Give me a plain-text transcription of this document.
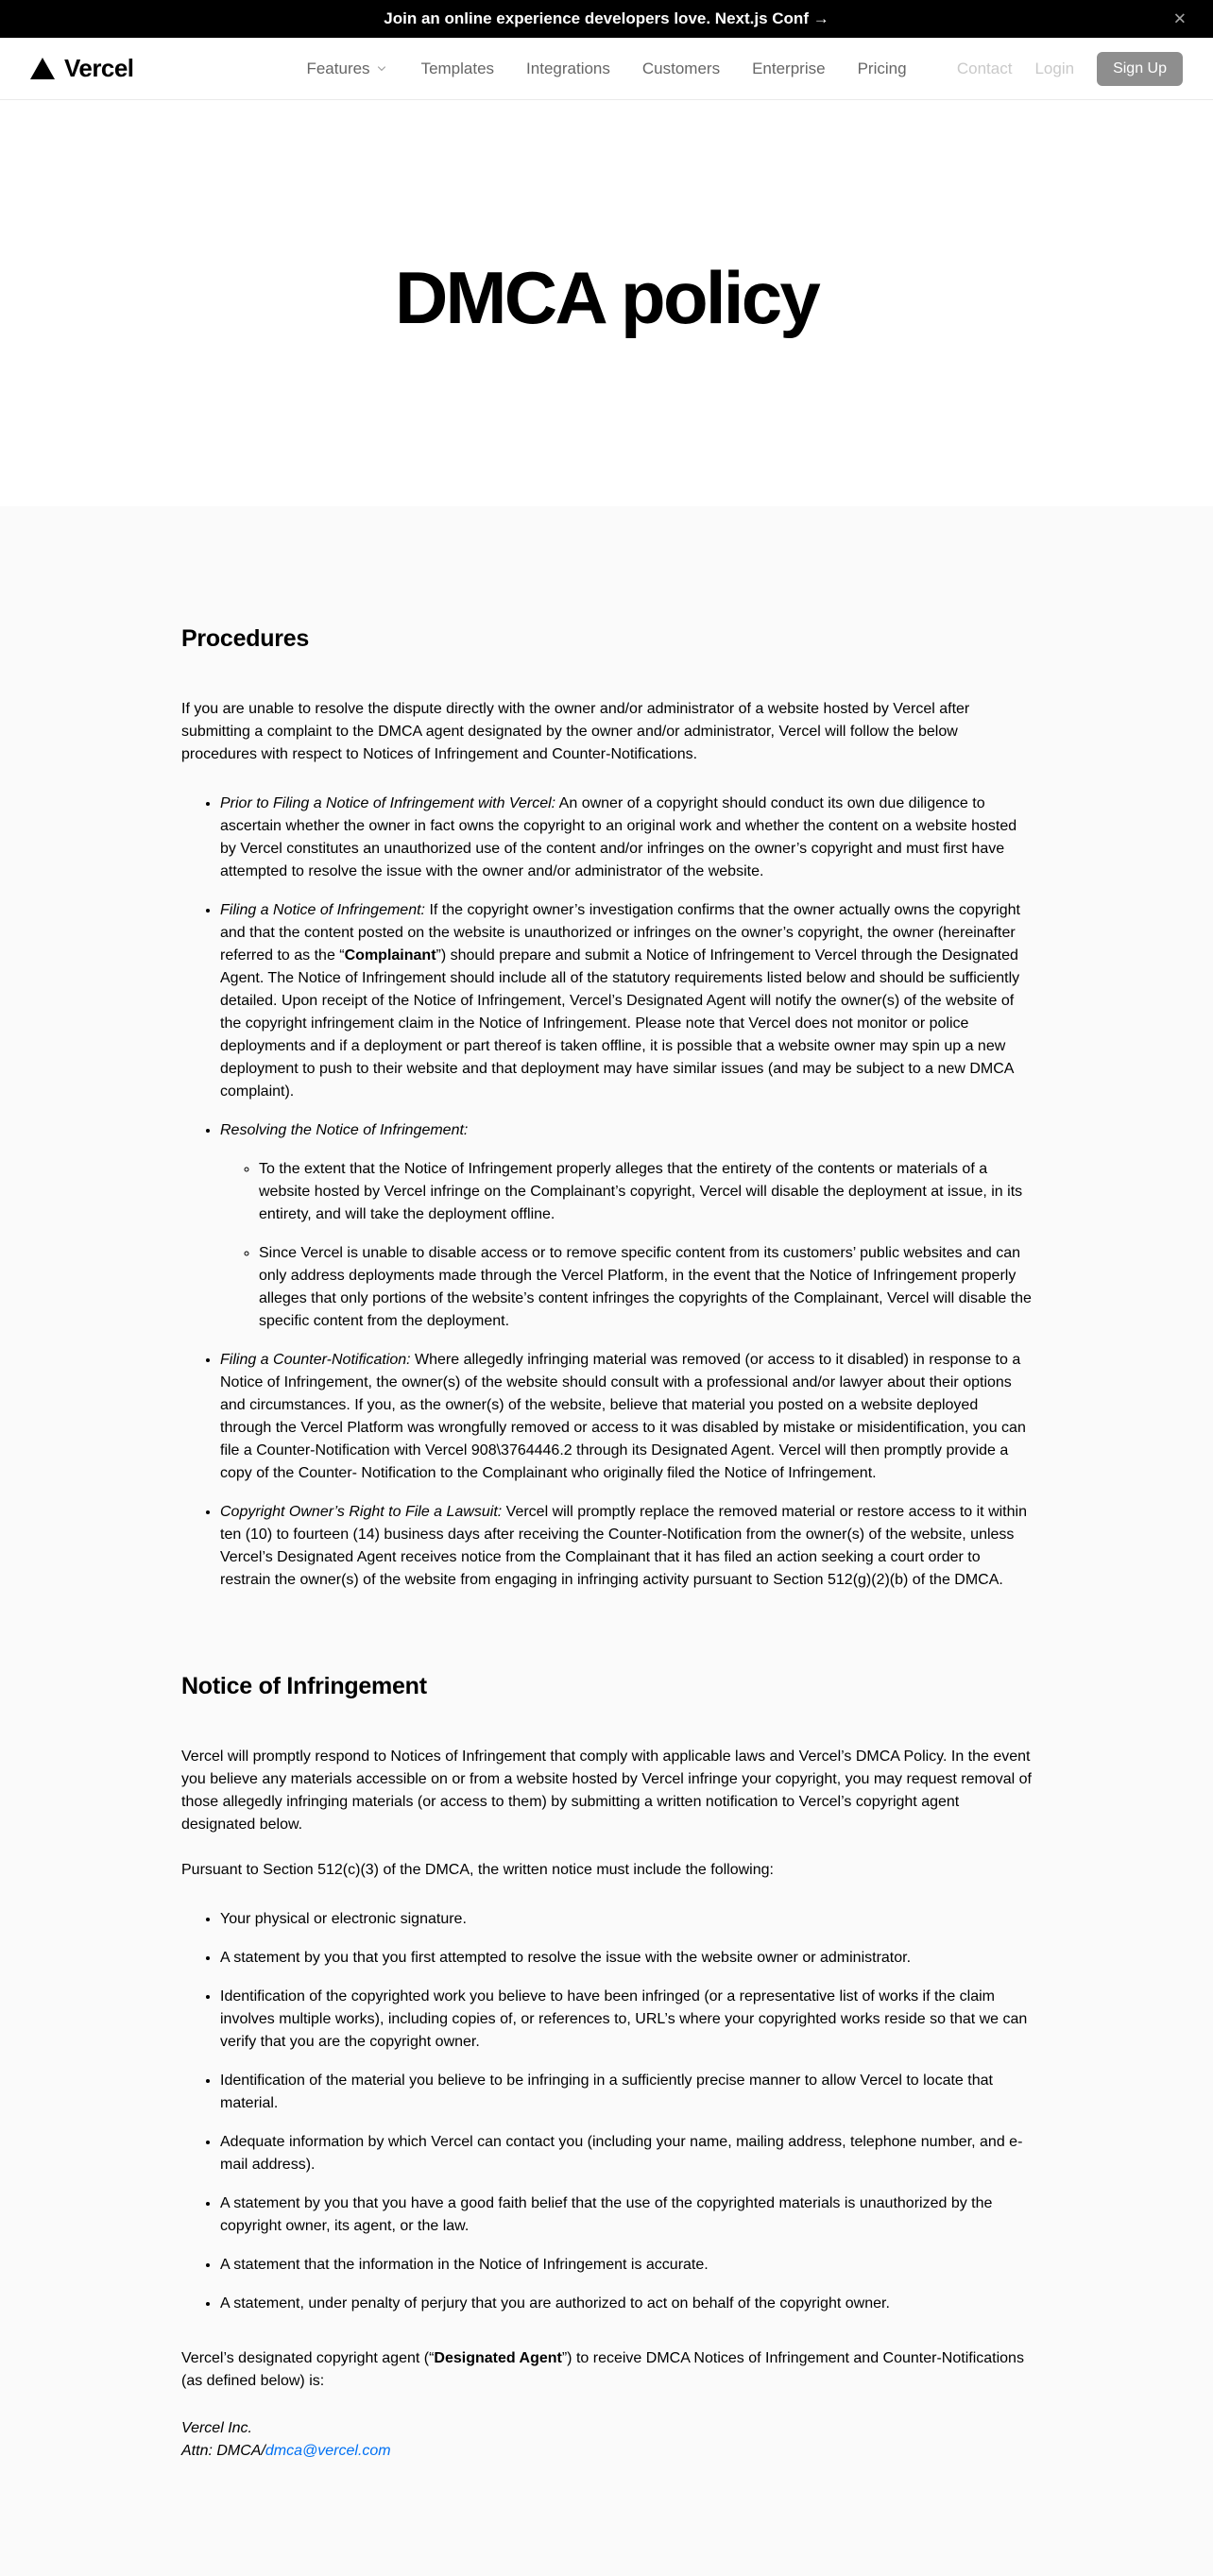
Join an online experience developers love. Next.js Conf →	✕
Vercel	Features	Templates Integrations Customers Enterprise Pricing	Contact Login	Sign Up
DMCA policy
Procedures

If you are unable to resolve the dispute directly with the owner and/or administrator of a website hosted by Vercel after submitting a complaint to the DMCA agent designated by the owner and/or administrator, Vercel will follow the below procedures with respect to Notices of Infringement and Counter-Notifications.

• Prior to Filing a Notice of Infringement with Vercel: An owner of a copyright should conduct its own due diligence to ascertain whether the owner in fact owns the copyright to an original work and whether the content on a website hosted by Vercel constitutes an unauthorized use of the content and/or infringes on the owner’s copyright and must first have attempted to resolve the issue with the owner and/or administrator of the website.
• Filing a Notice of Infringement: If the copyright owner’s investigation confirms that the owner actually owns the copyright and that the content posted on the website is unauthorized or infringes on the owner’s copyright, the owner (hereinafter referred to as the “Complainant”) should prepare and submit a Notice of Infringement to Vercel through the Designated Agent. The Notice of Infringement should include all of the statutory requirements listed below and should be sufficiently detailed. Upon receipt of the Notice of Infringement, Vercel’s Designated Agent will notify the owner(s) of the website of the copyright infringement claim in the Notice of Infringement. Please note that Vercel does not monitor or police deployments and if a deployment or part thereof is taken offline, it is possible that a website owner may spin up a new deployment to push to their website and that deployment may have similar issues (and may be subject to a new DMCA complaint).
• Resolving the Notice of Infringement:
◦ To the extent that the Notice of Infringement properly alleges that the entirety of the contents or materials of a website hosted by Vercel infringe on the Complainant’s copyright, Vercel will disable the deployment at issue, in its entirety, and will take the deployment offline.
◦ Since Vercel is unable to disable access or to remove specific content from its customers’ public websites and can only address deployments made through the Vercel Platform, in the event that the Notice of Infringement properly alleges that only portions of the website’s content infringes the copyrights of the Complainant, Vercel will disable the specific content from the deployment.
• Filing a Counter-Notification: Where allegedly infringing material was removed (or access to it disabled) in response to a Notice of Infringement, the owner(s) of the website should consult with a professional and/or lawyer about their options and circumstances. If you, as the owner(s) of the website, believe that material you posted on a website deployed through the Vercel Platform was wrongfully removed or access to it was disabled by mistake or misidentification, you can file a Counter-Notification with Vercel 908\3764446.2 through its Designated Agent. Vercel will then promptly provide a copy of the Counter- Notification to the Complainant who originally filed the Notice of Infringement.
• Copyright Owner’s Right to File a Lawsuit: Vercel will promptly replace the removed material or restore access to it within ten (10) to fourteen (14) business days after receiving the Counter-Notification from the owner(s) of the website, unless Vercel’s Designated Agent receives notice from the Complainant that it has filed an action seeking a court order to restrain the owner(s) of the website from engaging in infringing activity pursuant to Section 512(g)(2)(b) of the DMCA.
Notice of Infringement

Vercel will promptly respond to Notices of Infringement that comply with applicable laws and Vercel’s DMCA Policy. In the event you believe any materials accessible on or from a website hosted by Vercel infringe your copyright, you may request removal of those allegedly infringing materials (or access to them) by submitting a written notification to Vercel’s copyright agent designated below.

Pursuant to Section 512(c)(3) of the DMCA, the written notice must include the following:

• Your physical or electronic signature.
• A statement by you that you first attempted to resolve the issue with the website owner or administrator.
• Identification of the copyrighted work you believe to have been infringed (or a representative list of works if the claim involves multiple works), including copies of, or references to, URL’s where your copyrighted works reside so that we can verify that you are the copyright owner.
• Identification of the material you believe to be infringing in a sufficiently precise manner to allow Vercel to locate that material.
• Adequate information by which Vercel can contact you (including your name, mailing address, telephone number, and e-mail address).
• A statement by you that you have a good faith belief that the use of the copyrighted materials is unauthorized by the copyright owner, its agent, or the law.
• A statement that the information in the Notice of Infringement is accurate.
• A statement, under penalty of perjury that you are authorized to act on behalf of the copyright owner.

Vercel’s designated copyright agent (“Designated Agent”) to receive DMCA Notices of Infringement and Counter-Notifications (as defined below) is:

Vercel Inc.

Attn: DMCA/dmca@vercel.com
